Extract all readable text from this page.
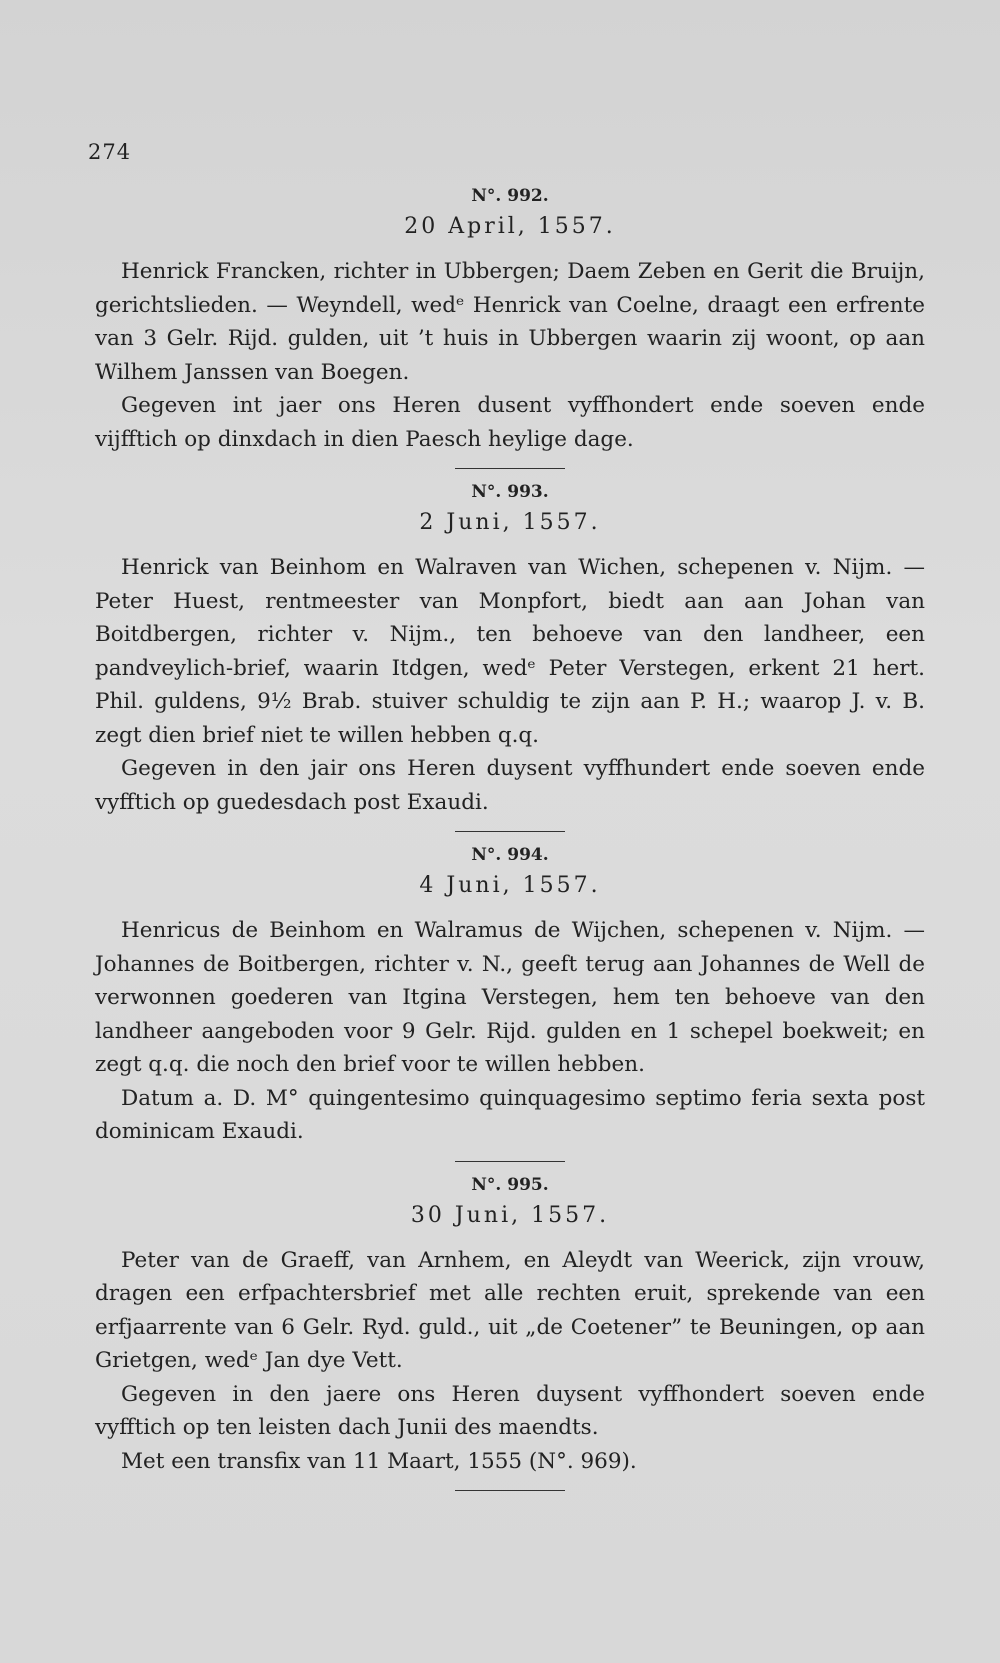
274
N°. 992.
20 April, 1557.

Henrick Francken, richter in Ubbergen; Daem Zeben en Gerit die Bruijn, gerichtslieden. — Weyndell, wedᵉ Henrick van Coelne, draagt een erfrente van 3 Gelr. Rijd. gulden, uit ’t huis in Ubbergen waarin zij woont, op aan Wilhem Janssen van Boegen.

Gegeven int jaer ons Heren dusent vyffhondert ende soeven ende vijfftich op dinxdach in dien Paesch heylige dage.

N°. 993.
2 Juni, 1557.

Henrick van Beinhom en Walraven van Wichen, schepenen v. Nijm. — Peter Huest, rentmeester van Monpfort, biedt aan aan Johan van Boitdbergen, richter v. Nijm., ten behoeve van den landheer, een pandveylich-brief, waarin Itdgen, wedᵉ Peter Verstegen, erkent 21 hert. Phil. guldens, 9½ Brab. stuiver schuldig te zijn aan P. H.; waarop J. v. B. zegt dien brief niet te willen hebben q.q.

Gegeven in den jair ons Heren duysent vyffhundert ende soeven ende vyfftich op guedesdach post Exaudi.

N°. 994.
4 Juni, 1557.

Henricus de Beinhom en Walramus de Wijchen, schepenen v. Nijm. — Johannes de Boitbergen, richter v. N., geeft terug aan Johannes de Well de verwonnen goederen van Itgina Verstegen, hem ten behoeve van den landheer aangeboden voor 9 Gelr. Rijd. gulden en 1 schepel boekweit; en zegt q.q. die noch den brief voor te willen hebben.

Datum a. D. M° quingentesimo quinquagesimo septimo feria sexta post dominicam Exaudi.

N°. 995.
30 Juni, 1557.

Peter van de Graeff, van Arnhem, en Aleydt van Weerick, zijn vrouw, dragen een erfpachtersbrief met alle rechten eruit, sprekende van een erfjaarrente van 6 Gelr. Ryd. guld., uit „de Coetener” te Beuningen, op aan Grietgen, wedᵉ Jan dye Vett.

Gegeven in den jaere ons Heren duysent vyffhondert soeven ende vyfftich op ten leisten dach Junii des maendts.

Met een transfix van 11 Maart, 1555 (N°. 969).
